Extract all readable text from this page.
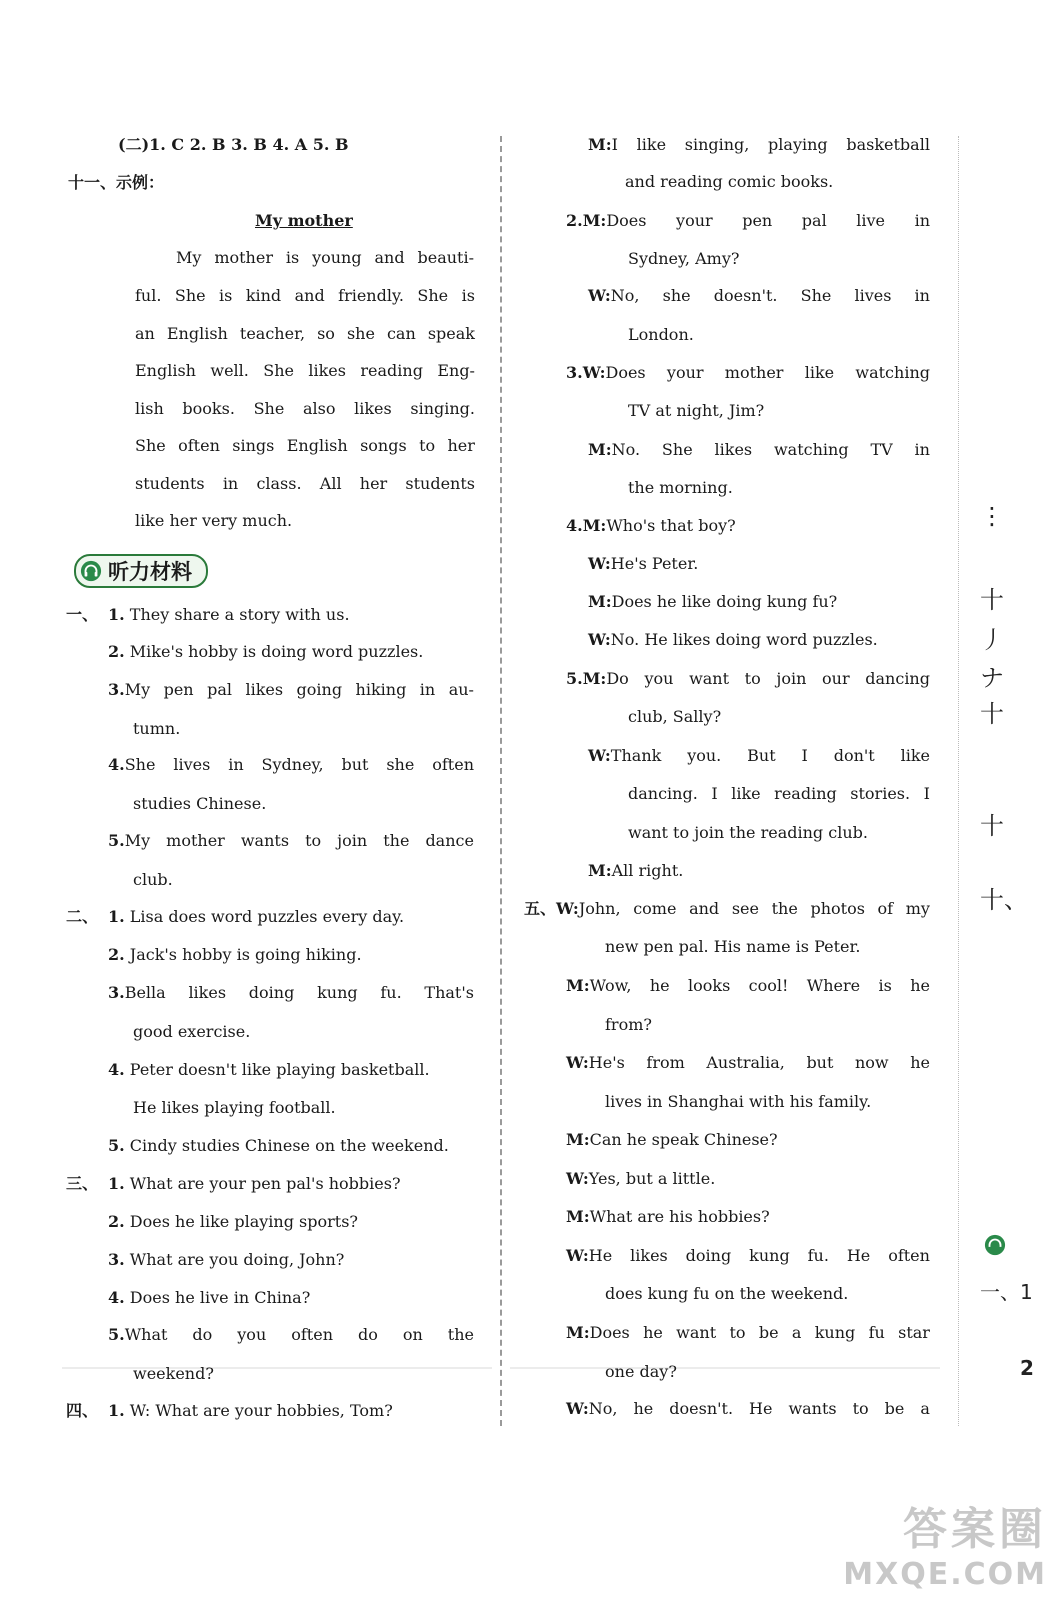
(二)1. C 2. B 3. B 4. A 5. B
十一、示例：
My mother
My mother is young and beauti-
ful. She is kind and friendly. She is
an English teacher, so she can speak
English well. She likes reading Eng-
lish books. She also likes singing.
She often sings English songs to her
students in class. All her students
like her very much.
听力材料
一、 1. They share a story with us.
2. Mike's hobby is doing word puzzles.
3.My pen pal likes going hiking in au-
tumn.
4.She lives in Sydney, but she often
studies Chinese.
5.My mother wants to join the dance
club.
二、 1. Lisa does word puzzles every day.
2. Jack's hobby is going hiking.
3.Bella likes doing kung fu. That's
good exercise.
4. Peter doesn't like playing basketball.
He likes playing football.
5. Cindy studies Chinese on the weekend.
三、 1. What are your pen pal's hobbies?
2. Does he like playing sports?
3. What are you doing, John?
4. Does he live in China?
5.What do you often do on the
weekend?
四、 1. W: What are your hobbies, Tom?
M:I like singing, playing basketball
and reading comic books.
2.M:Does your pen pal live in
Sydney, Amy?
W:No, she doesn't. She lives in
London.
3.W:Does your mother like watching
TV at night, Jim?
M:No. She likes watching TV in
the morning.
4.M:Who's that boy?
W:He's Peter.
M:Does he like doing kung fu?
W:No. He likes doing word puzzles.
5.M:Do you want to join our dancing
club, Sally?
W:Thank you. But I don't like
dancing. I like reading stories. I
want to join the reading club.
M:All right.
五、W:John, come and see the photos of my
new pen pal. His name is Peter.
M:Wow, he looks cool! Where is he
from?
W:He's from Australia, but now he
lives in Shanghai with his family.
M:Can he speak Chinese?
W:Yes, but a little.
M:What are his hobbies?
W:He likes doing kung fu. He often
does kung fu on the weekend.
M:Does he want to be a kung fu star
one day?
W:No, he doesn't. He wants to be a
⋮
十
丿
ナ
十
十
十、
一、1
2
答案圈
MXQE.COM
